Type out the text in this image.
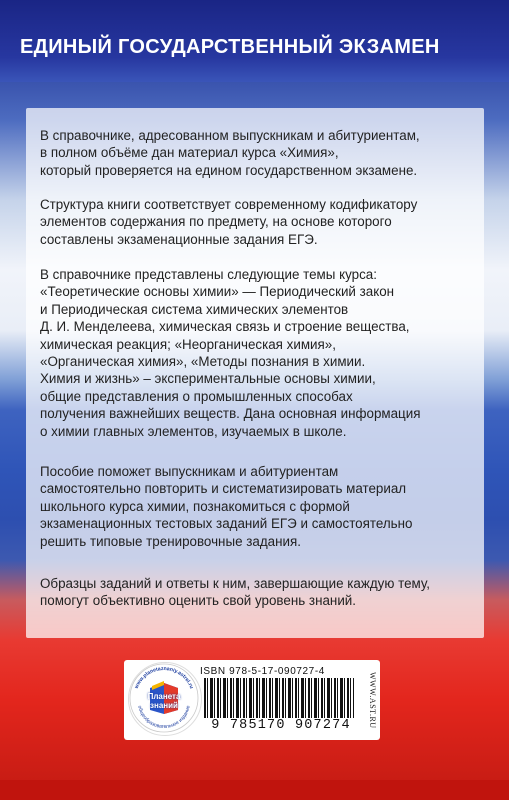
ЕДИНЫЙ ГОСУДАРСТВЕННЫЙ ЭКЗАМЕН
В справочнике, адресованном выпускникам и абитуриентам,
в полном объёме дан материал курса «Химия»,
который проверяется на едином государственном экзамене.
Структура книги соответствует современному кодификатору
элементов содержания по предмету, на основе которого
составлены экзаменационные задания ЕГЭ.
В справочнике представлены следующие темы курса:
«Теоретические основы химии» — Периодический закон
и Периодическая система химических элементов
Д. И. Менделеева, химическая связь и строение вещества,
химическая реакция; «Неорганическая химия»,
«Органическая химия», «Методы познания в химии.
Химия и жизнь» – экспериментальные основы химии,
общие представления о промышленных способах
получения важнейших веществ. Дана основная информация
о химии главных элементов, изучаемых в школе.
Пособие поможет выпускникам и абитуриентам
самостоятельно повторить и систематизировать материал
школьного курса химии, познакомиться с формой
экзаменационных тестовых заданий ЕГЭ и самостоятельно
решить типовые тренировочные задания.
Образцы заданий и ответы к ним, завершающие каждую тему,
помогут объективно оценить свой уровень знаний.
ISBN 978-5-17-090727-4
9 785170 907274	WWW.AST.RU
www.planetaznaniy.astrel.ru
общеобразовательное издание
Планета знаний
